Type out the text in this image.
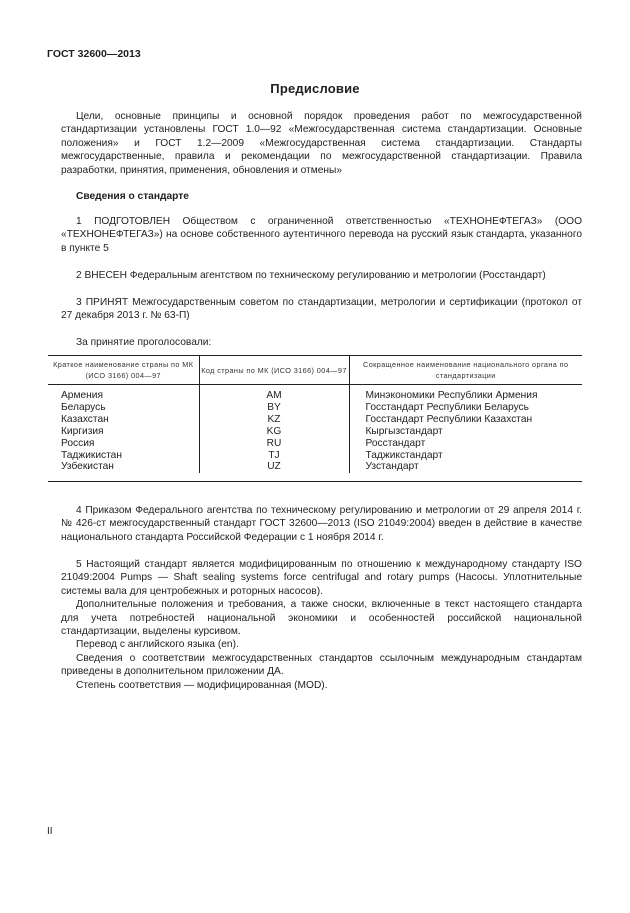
ГОСТ 32600—2013
Предисловие

Цели, основные принципы и основной порядок проведения работ по межгосударственной стандартизации установлены ГОСТ 1.0—92 «Межгосударственная система стандартизации. Основные положения» и ГОСТ 1.2—2009 «Межгосударственная система стандартизации. Стандарты межгосударственные, правила и рекомендации по межгосударственной стандартизации. Правила разработки, принятия, применения, обновления и отмены»

Сведения о стандарте

1 ПОДГОТОВЛЕН Обществом с ограниченной ответственностью «ТЕХНОНЕФТЕГАЗ» (ООО «ТЕХНОНЕФТЕГАЗ») на основе собственного аутентичного перевода на русский язык стандарта, указанного в пункте 5

2 ВНЕСЕН Федеральным агентством по техническому регулированию и метрологии (Росстандарт)

3 ПРИНЯТ Межгосударственным советом по стандартизации, метрологии и сертификации (протокол от 27 декабря 2013 г. № 63-П)

За принятие проголосовали:

Краткое наименование страны по МК (ИСО 3166) 004—97	Код страны по МК (ИСО 3166) 004—97	Сокращенное наименование национального органа по стандартизации

Армения	AM	Минэкономики Республики Армения
Беларусь	BY	Госстандарт Республики Беларусь
Казахстан	KZ	Госстандарт Республики Казахстан
Киргизия	KG	Кыргызстандарт
Россия	RU	Росстандарт
Таджикистан	TJ	Таджикстандарт
Узбекистан	UZ	Узстандарт

4 Приказом Федерального агентства по техническому регулированию и метрологии от 29 апреля 2014 г. № 426-ст межгосударственный стандарт ГОСТ 32600—2013 (ISO 21049:2004) введен в действие в качестве национального стандарта Российской Федерации с 1 ноября 2014 г.

5 Настоящий стандарт является модифицированным по отношению к международному стандарту ISO 21049:2004 Pumps — Shaft sealing systems force centrifugal and rotary pumps (Насосы. Уплотнительные системы вала для центробежных и роторных насосов).

Дополнительные положения и требования, а также сноски, включенные в текст настоящего стандарта для учета потребностей национальной экономики и особенностей российской национальной стандартизации, выделены курсивом.

Перевод с английского языка (en).

Сведения о соответствии межгосударственных стандартов ссылочным международным стандартам приведены в дополнительном приложении ДА.

Степень соответствия — модифицированная (MOD).

II
